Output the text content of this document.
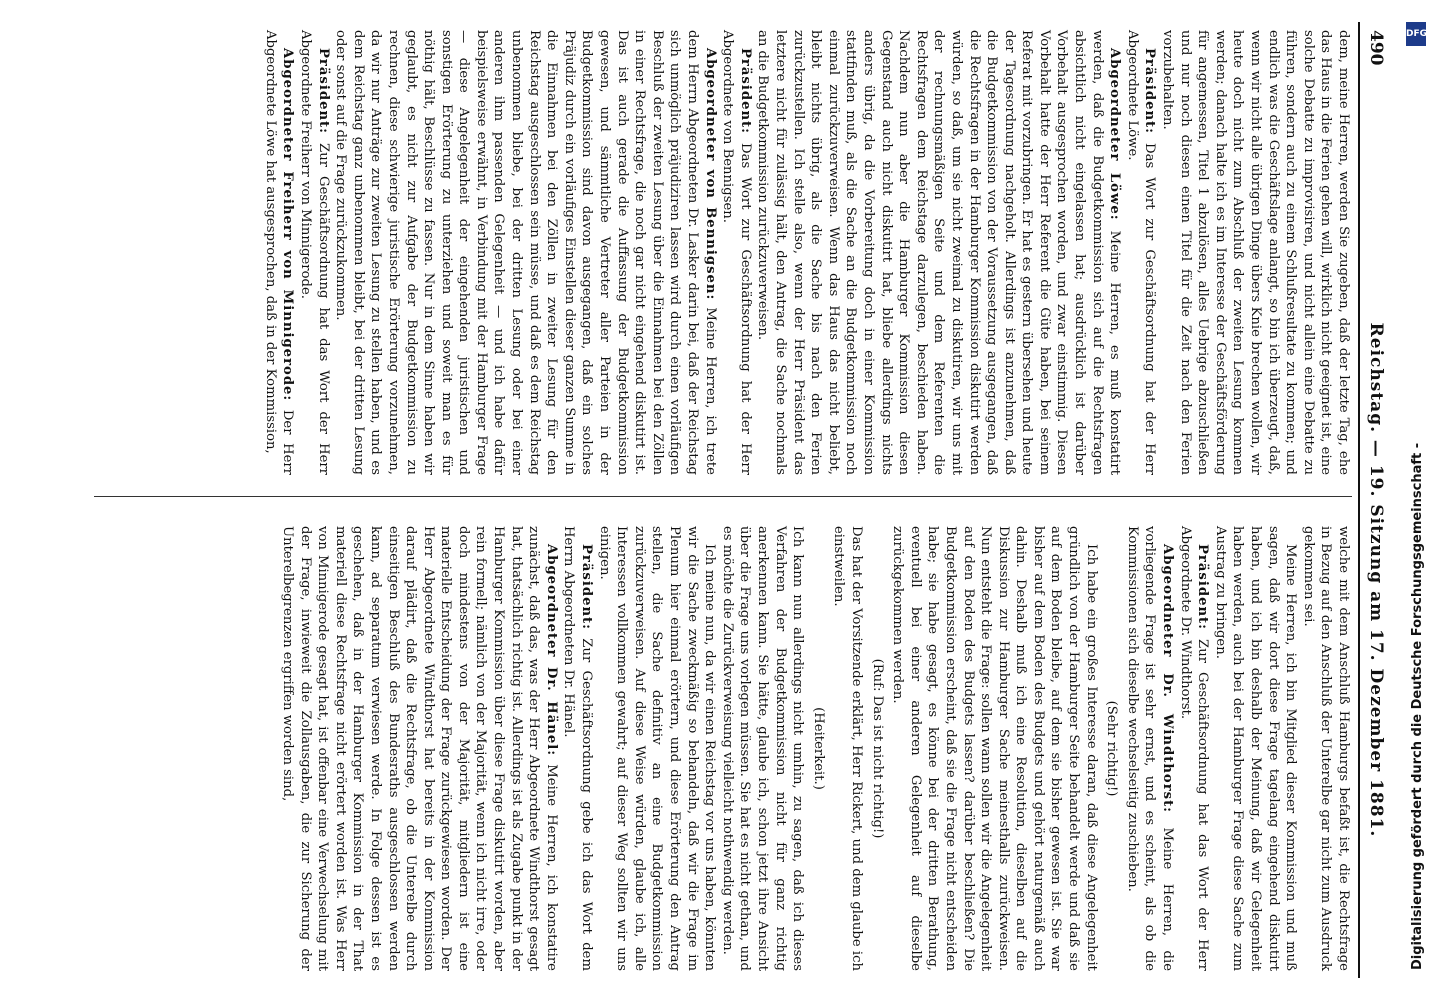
490
Reichstag. — 19. Sitzung am 17. Dezember 1881.

dem, meine Herren, werden Sie zugeben, daß der letzte Tag, ehe das Haus in die Ferien gehen will, wirklich nicht geeignet ist, eine solche Debatte zu improvisiren, und nicht allein eine Debatte zu führen, sondern auch zu einem Schlußresultate zu kommen; und endlich was die Geschäftslage anlangt, so bin ich überzeugt, daß, wenn wir nicht alle übrigen Dinge übers Knie brechen wollen, wir heute doch nicht zum Abschluß der zweiten Lesung kommen werden; danach halte ich es im Interesse der Geschäftsförderung für angemessen, Titel 1 abzulösen, alles Uebrige abzuschließen und nur noch diesen einen Titel für die Zeit nach den Ferien vorzubehalten.

Präsident: Das Wort zur Geschäftsordnung hat der Herr Abgeordnete Löwe.

Abgeordneter Löwe: Meine Herren, es muß konstatirt werden, daß die Budgetkommission sich auf die Rechtsfragen absichtlich nicht eingelassen hat; ausdrücklich ist darüber Vorbehalt ausgesprochen worden, und zwar einstimmig. Diesen Vorbehalt hatte der Herr Referent die Güte haben, bei seinem Referat mit vorzubringen. Er hat es gestern übersehen und heute der Tagesordnung nachgeholt. Allerdings ist anzunehmen, daß die Budgetkommission von der Voraussetzung ausgegangen, daß die Rechtsfragen in der Hamburger Kommission diskutirt werden würden, so daß, um sie nicht zweimal zu diskutiren, wir uns mit der rechnungsmäßigen Seite und dem Referenten die Rechtsfragen dem Reichstage darzulegen, beschieden haben. Nachdem nun aber die Hamburger Kommission diesen Gegenstand auch nicht diskutirt hat, bliebe allerdings nichts anders übrig, da die Vorbereitung doch in einer Kommission stattfinden muß, als die Sache an die Budgetkommission noch einmal zurückzuverweisen. Wenn das Haus das nicht beliebt, bleibt nichts übrig, als die Sache bis nach den Ferien zurückzustellen. Ich stelle also, wenn der Herr Präsident das letztere nicht für zulässig hält, den Antrag, die Sache nochmals an die Budgetkommission zurückzuverweisen.

Präsident: Das Wort zur Geschäftsordnung hat der Herr Abgeordnete von Bennigsen.

Abgeordneter von Bennigsen: Meine Herren, ich trete dem Herrn Abgeordneten Dr. Lasker darin bei, daß der Reichstag sich unmöglich präjudiziren lassen wird durch einen vorläufigen Beschluß der zweiten Lesung über die Einnahmen bei den Zöllen in einer Rechtsfrage, die noch gar nicht eingehend diskutirt ist. Das ist auch gerade die Auffassung der Budgetkommission gewesen, und sämmtliche Vertreter aller Parteien in der Budgetkommission sind davon ausgegangen, daß ein solches Präjudiz durch ein vorläufiges Einstellen dieser ganzen Summe in die Einnahmen bei den Zöllen in zweiter Lesung für den Reichstag ausgeschlossen sein müsse, und daß es dem Reichstag unbenommen bliebe, bei der dritten Lesung oder bei einer anderen ihm passenden Gelegenheit — und ich habe dafür beispielsweise erwähnt, in Verbindung mit der Hamburger Frage — diese Angelegenheit der eingehenden juristischen und sonstigen Erörterung zu unterziehen und soweit man es für nöthig hält, Beschlüsse zu fassen. Nur in dem Sinne haben wir geglaubt, es nicht zur Aufgabe der Budgetkommission zu rechnen, diese schwierige juristische Erörterung vorzunehmen, da wir nur Anträge zur zweiten Lesung zu stellen haben, und es dem Reichstag ganz unbenommen bleibt, bei der dritten Lesung oder sonst auf die Frage zurückzukommen.

Präsident: Zur Geschäftsordnung hat das Wort der Herr Abgeordnete Freiherr von Minnigerode.

Abgeordneter Freiherr von Minnigerode: Der Herr Abgeordnete Löwe hat ausgesprochen, daß in der Kommission,

welche mit dem Anschluß Hamburgs befaßt ist, die Rechtsfrage in Bezug auf den Anschluß der Unterelbe gar nicht zum Ausdruck gekommen sei.

Meine Herren, ich bin Mitglied dieser Kommission und muß sagen, daß wir dort diese Frage tagelang eingehend diskutirt haben, und ich bin deshalb der Meinung, daß wir Gelegenheit haben werden, auch bei der Hamburger Frage diese Sache zum Austrag zu bringen.

Präsident: Zur Geschäftsordnung hat das Wort der Herr Abgeordnete Dr. Windthorst.

Abgeordneter Dr. Windthorst: Meine Herren, die vorliegende Frage ist sehr ernst, und es scheint, als ob die Kommissionen sich dieselbe wechselseitig zuschieben.

(Sehr richtig!)

Ich habe ein großes Interesse daran, daß diese Angelegenheit gründlich von der Hamburger Seite behandelt werde und daß sie auf dem Boden bleibe, auf dem sie bisher gewesen ist. Sie war bisher auf dem Boden des Budgets und gehört naturgemäß auch dahin. Deshalb muß ich eine Resolution, dieselben auf die Diskussion zur Hamburger Sache meinesthalls zurückweisen. Nun entsteht die Frage: sollen wann sollen wir die Angelegenheit auf den Boden des Budgets lassen? darüber beschließen? Die Budgetkommission erscheint, daß sie die Frage nicht entscheiden habe; sie habe gesagt, es könne bei der dritten Berathung, eventuell bei einer anderen Gelegenheit auf dieselbe zurückgekommen werden.

(Ruf: Das ist nicht richtig!)

Das hat der Vorsitzende erklärt, Herr Rickert, und dem glaube ich einstweilen.

(Heiterkeit.)

Ich kann nun allerdings nicht umhin, zu sagen, daß ich dieses Verfahren der Budgetkommission nicht für ganz richtig anerkennen kann. Sie hätte, glaube ich, schon jetzt ihre Ansicht über die Frage uns vorlegen müssen. Sie hat es nicht gethan, und es möchte die Zurückverweisung vielleicht nothwendig werden.

Ich meine nun, da wir einen Reichstag vor uns haben, könnten wir die Sache zweckmäßig so behandeln, daß wir die Frage im Plenum hier einmal erörtern, und diese Erörterung den Antrag stellen, die Sache definitiv an eine Budgetkommission zurückzuverweisen. Auf diese Weise würden, glaube ich, alle Interessen vollkommen gewahrt; auf dieser Weg sollten wir uns einigen.

Präsident: Zur Geschäftsordnung gebe ich das Wort dem Herrn Abgeordneten Dr. Hänel.

Abgeordneter Dr. Hänel: Meine Herren, ich konstatire zunächst, daß das, was der Herr Abgeordnete Windthorst gesagt hat, thatsächlich richtig ist. Allerdings ist als Zugabe punkt in der Hamburger Kommission über diese Frage diskutirt worden, aber rein formell; nämlich von der Majorität, wenn ich nicht irre, oder doch mindestens von der Majorität, mitgliedern ist eine materielle Entscheidung der Frage zurückgewiesen worden. Der Herr Abgeordnete Windthorst hat bereits in der Kommission darauf plädirt, daß die Rechtsfrage, ob die Unterelbe durch einseitigen Beschluß des Bundesraths ausgeschlossen werden kann, ad separatum verwiesen werde. In Folge dessen ist es geschehen, daß in der Hamburger Kommission in der That materiell diese Rechtsfrage nicht erörtert worden ist. Was Herr von Minnigerode gesagt hat, ist offenbar eine Verwechselung mit der Frage, inwieweit die Zollausgaben, die zur Sicherung der Unterelbegrenzen ergriffen worden sind,	Digitalisierung gefördert durch die Deutsche Forschungsgemeinschaft -
DFG
